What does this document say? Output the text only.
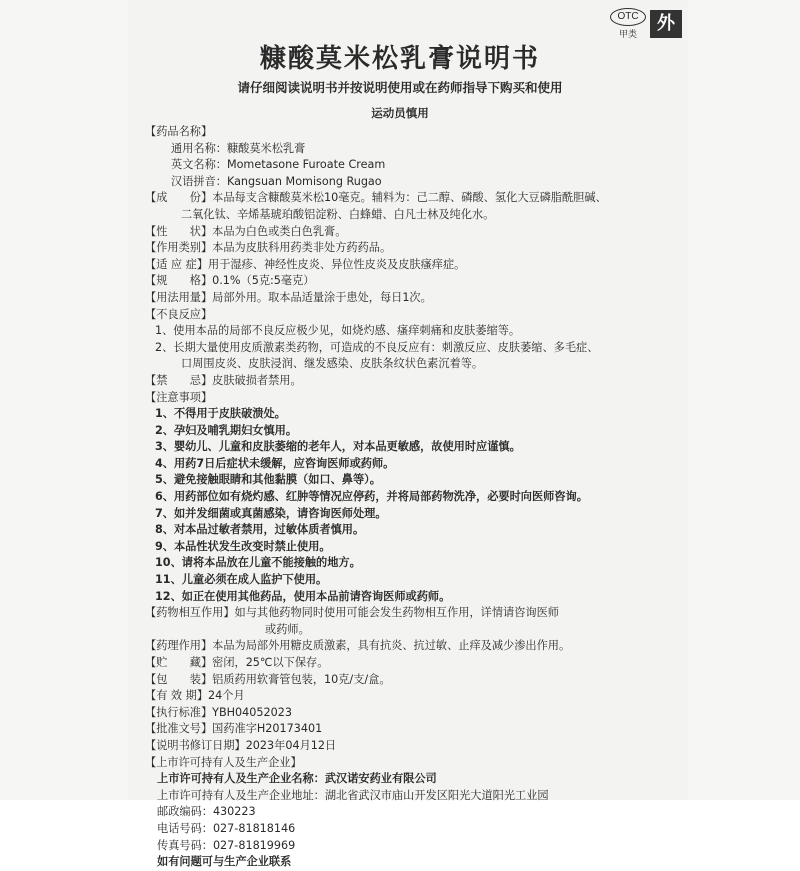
OTC
甲类
外
糠酸莫米松乳膏说明书
请仔细阅读说明书并按说明使用或在药师指导下购买和使用
运动员慎用
【药品名称】
通用名称：糠酸莫米松乳膏
英文名称：Mometasone Furoate Cream
汉语拼音：Kangsuan Momisong Rugao
【成　　份】本品每支含糠酸莫米松10毫克。辅料为：己二醇、磷酸、氢化大豆磷脂酰胆碱、
二氧化钛、辛烯基琥珀酸铝淀粉、白蜂蜡、白凡士林及纯化水。
【性　　状】本品为白色或类白色乳膏。
【作用类别】本品为皮肤科用药类非处方药药品。
【适 应 症】用于湿疹、神经性皮炎、异位性皮炎及皮肤瘙痒症。
【规　　格】0.1%（5克:5毫克）
【用法用量】局部外用。取本品适量涂于患处，每日1次。
【不良反应】
1、使用本品的局部不良反应极少见，如烧灼感、瘙痒刺痛和皮肤萎缩等。
2、长期大量使用皮质激素类药物，可造成的不良反应有：刺激反应、皮肤萎缩、多毛症、
口周围皮炎、皮肤浸润、继发感染、皮肤条纹状色素沉着等。
【禁　　忌】皮肤破损者禁用。
【注意事项】
1、不得用于皮肤破溃处。
2、孕妇及哺乳期妇女慎用。
3、婴幼儿、儿童和皮肤萎缩的老年人，对本品更敏感，故使用时应谨慎。
4、用药7日后症状未缓解，应咨询医师或药师。
5、避免接触眼睛和其他黏膜（如口、鼻等）。
6、用药部位如有烧灼感、红肿等情况应停药，并将局部药物洗净，必要时向医师咨询。
7、如并发细菌或真菌感染，请咨询医师处理。
8、对本品过敏者禁用，过敏体质者慎用。
9、本品性状发生改变时禁止使用。
10、请将本品放在儿童不能接触的地方。
11、儿童必须在成人监护下使用。
12、如正在使用其他药品，使用本品前请咨询医师或药师。
【药物相互作用】如与其他药物同时使用可能会发生药物相互作用，详情请咨询医师
或药师。
【药理作用】本品为局部外用糖皮质激素，具有抗炎、抗过敏、止痒及减少渗出作用。
【贮　　藏】密闭，25℃以下保存。
【包　　装】铝质药用软膏管包装，10克/支/盒。
【有 效 期】24个月
【执行标准】YBH04052023
【批准文号】国药准字H20173401
【说明书修订日期】2023年04月12日
【上市许可持有人及生产企业】
上市许可持有人及生产企业名称：武汉诺安药业有限公司
上市许可持有人及生产企业地址：湖北省武汉市庙山开发区阳光大道阳光工业园
邮政编码：430223
电话号码：027-81818146
传真号码：027-81819969
如有问题可与生产企业联系
